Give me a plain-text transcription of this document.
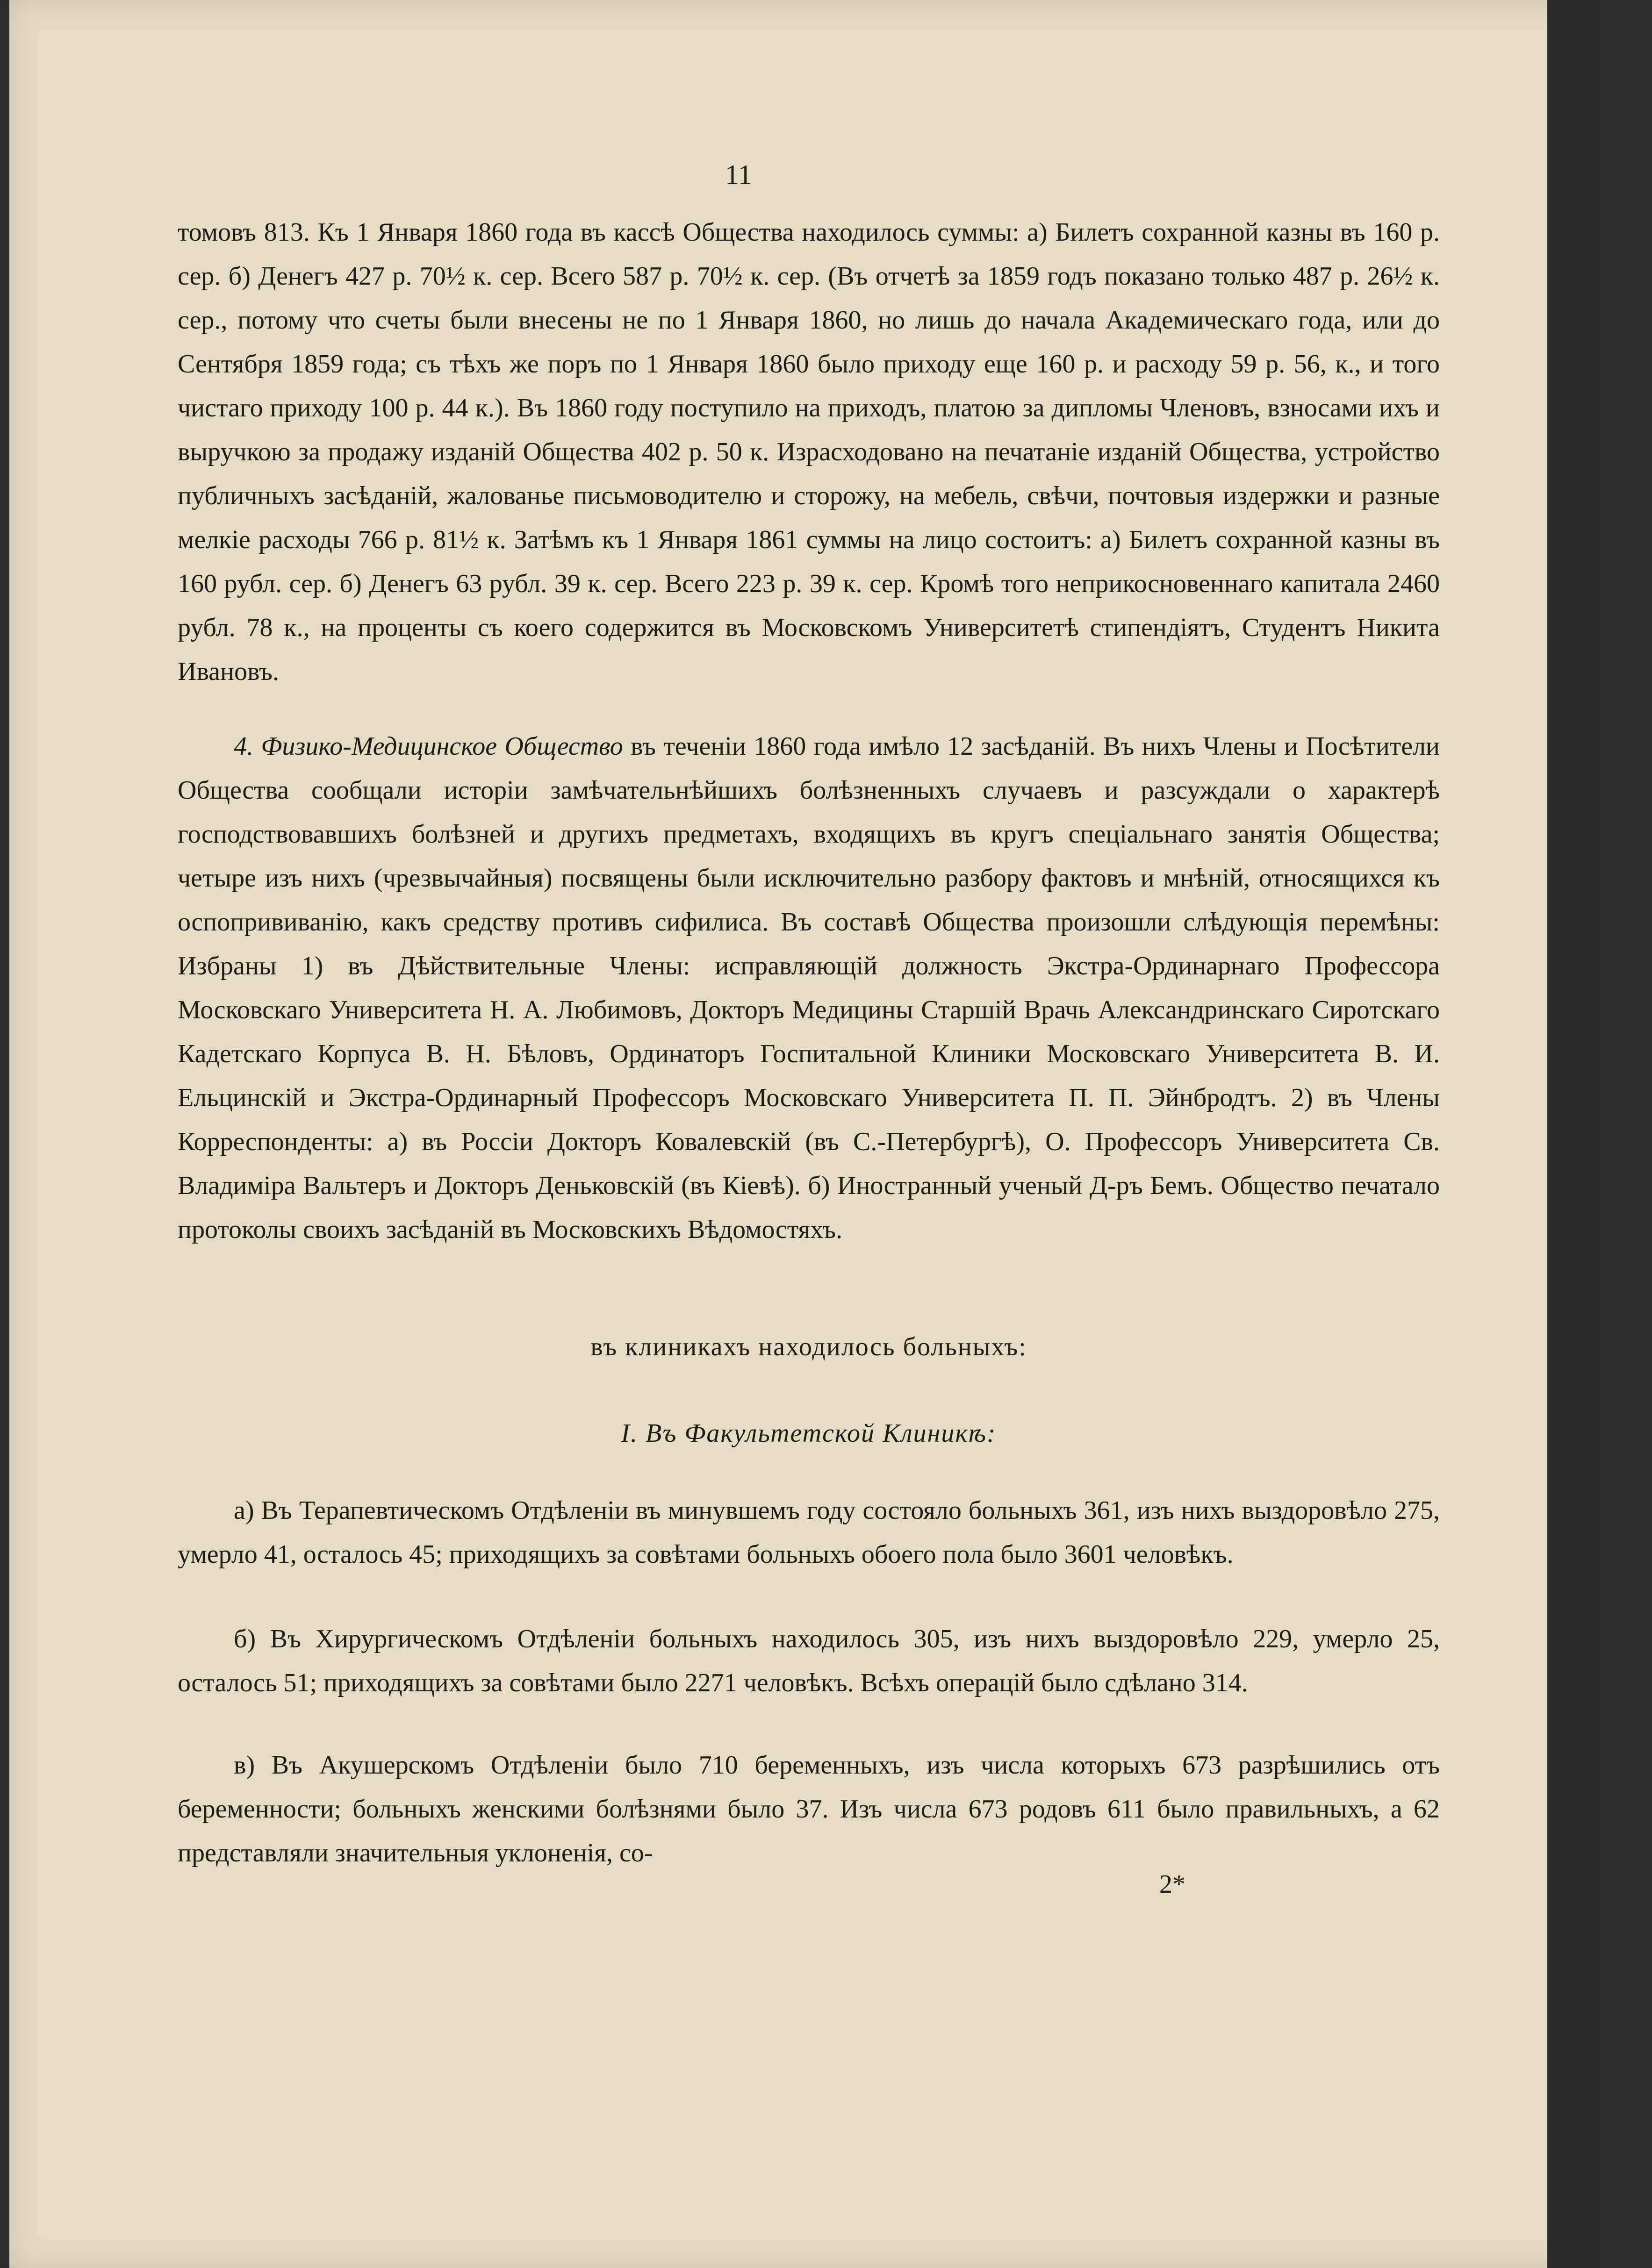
11

томовъ 813. Къ 1 Января 1860 года въ кассѣ Общества находилось суммы: а) Билетъ сохранной казны въ 160 р. сер. б) Денегъ 427 р. 70½ к. сер. Всего 587 р. 70½ к. сер. (Въ отчетѣ за 1859 годъ показано только 487 р. 26½ к. сер., потому что счеты были внесены не по 1 Января 1860, но лишь до начала Академическаго года, или до Сентября 1859 года; съ тѣхъ же поръ по 1 Января 1860 было приходу еще 160 р. и расходу 59 р. 56, к., и того чистаго приходу 100 р. 44 к.). Въ 1860 году поступило на приходъ, платою за дипломы Членовъ, взносами ихъ и выручкою за продажу изданій Общества 402 р. 50 к. Израсходовано на печатаніе изданій Общества, устройство публичныхъ засѣданій, жалованье письмоводителю и сторожу, на мебель, свѣчи, почтовыя издержки и разные мелкіе расходы 766 р. 81½ к. Затѣмъ къ 1 Января 1861 суммы на лицо состоитъ: а) Билетъ сохранной казны въ 160 рубл. сер. б) Денегъ 63 рубл. 39 к. сер. Всего 223 р. 39 к. сер. Кромѣ того неприкосновеннаго капитала 2460 рубл. 78 к., на проценты съ коего содержится въ Московскомъ Университетѣ стипендіятъ, Студентъ Никита Ивановъ.

4. Физико-Медицинское Общество въ теченіи 1860 года имѣло 12 засѣданій. Въ нихъ Члены и Посѣтители Общества сообщали исторіи замѣчательнѣйшихъ болѣзненныхъ случаевъ и разсуждали о характерѣ господствовавшихъ болѣзней и другихъ предметахъ, входящихъ въ кругъ спеціальнаго занятія Общества; четыре изъ нихъ (чрезвычайныя) посвящены были исключительно разбору фактовъ и мнѣній, относящихся къ оспопрививанію, какъ средству противъ сифилиса. Въ составѣ Общества произошли слѣдующія перемѣны: Избраны 1) въ Дѣйствительные Члены: исправляющій должность Экстра-Ординарнаго Профессора Московскаго Университета Н. А. Любимовъ, Докторъ Медицины Старшій Врачь Александринскаго Сиротскаго Кадетскаго Корпуса В. Н. Бѣловъ, Ординаторъ Госпитальной Клиники Московскаго Университета В. И. Ельцинскій и Экстра-Ординарный Профессоръ Московскаго Университета П. П. Эйнбродтъ. 2) въ Члены Корреспонденты: а) въ Россіи Докторъ Ковалевскій (въ С.-Петербургѣ), О. Профессоръ Университета Св. Владиміра Вальтеръ и Докторъ Деньковскій (въ Кіевѣ). б) Иностранный ученый Д-ръ Бемъ. Общество печатало протоколы своихъ засѣданій въ Московскихъ Вѣдомостяхъ.

въ клиникахъ находилось больныхъ:
I. Въ Факультетской Клиникѣ:

а) Въ Терапевтическомъ Отдѣленіи въ минувшемъ году состояло больныхъ 361, изъ нихъ выздоровѣло 275, умерло 41, осталось 45; приходящихъ за совѣтами больныхъ обоего пола было 3601 человѣкъ.

б) Въ Хирургическомъ Отдѣленіи больныхъ находилось 305, изъ нихъ выздоровѣло 229, умерло 25, осталось 51; приходящихъ за совѣтами было 2271 человѣкъ. Всѣхъ операцій было сдѣлано 314.

в) Въ Акушерскомъ Отдѣленіи было 710 беременныхъ, изъ числа которыхъ 673 разрѣшились отъ беременности; больныхъ женскими болѣзнями было 37. Изъ числа 673 родовъ 611 было правильныхъ, а 62 представляли значительныя уклоненія, со-

2*
